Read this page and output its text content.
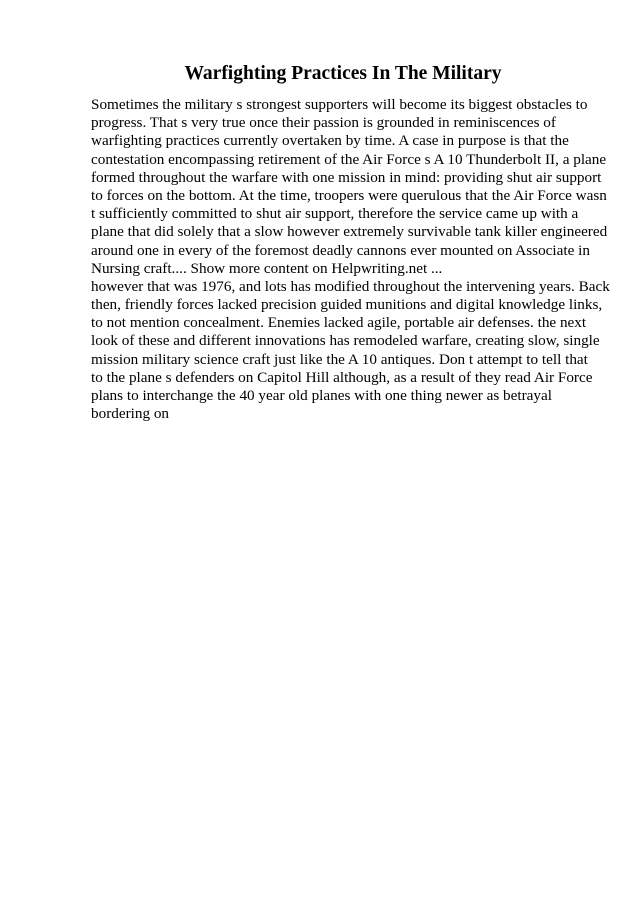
Warfighting Practices In The Military
Sometimes the military s strongest supporters will become its biggest obstacles to
progress. That s very true once their passion is grounded in reminiscences of
warfighting practices currently overtaken by time. A case in purpose is that the
contestation encompassing retirement of the Air Force s A 10 Thunderbolt II, a plane
formed throughout the warfare with one mission in mind: providing shut air support
to forces on the bottom. At the time, troopers were querulous that the Air Force wasn
t sufficiently committed to shut air support, therefore the service came up with a
plane that did solely that a slow however extremely survivable tank killer engineered
around one in every of the foremost deadly cannons ever mounted on Associate in
Nursing craft.... Show more content on Helpwriting.net ...
however that was 1976, and lots has modified throughout the intervening years. Back
then, friendly forces lacked precision guided munitions and digital knowledge links,
to not mention concealment. Enemies lacked agile, portable air defenses. the next
look of these and different innovations has remodeled warfare, creating slow, single
mission military science craft just like the A 10 antiques. Don t attempt to tell that
to the plane s defenders on Capitol Hill although, as a result of they read Air Force
plans to interchange the 40 year old planes with one thing newer as betrayal
bordering on
